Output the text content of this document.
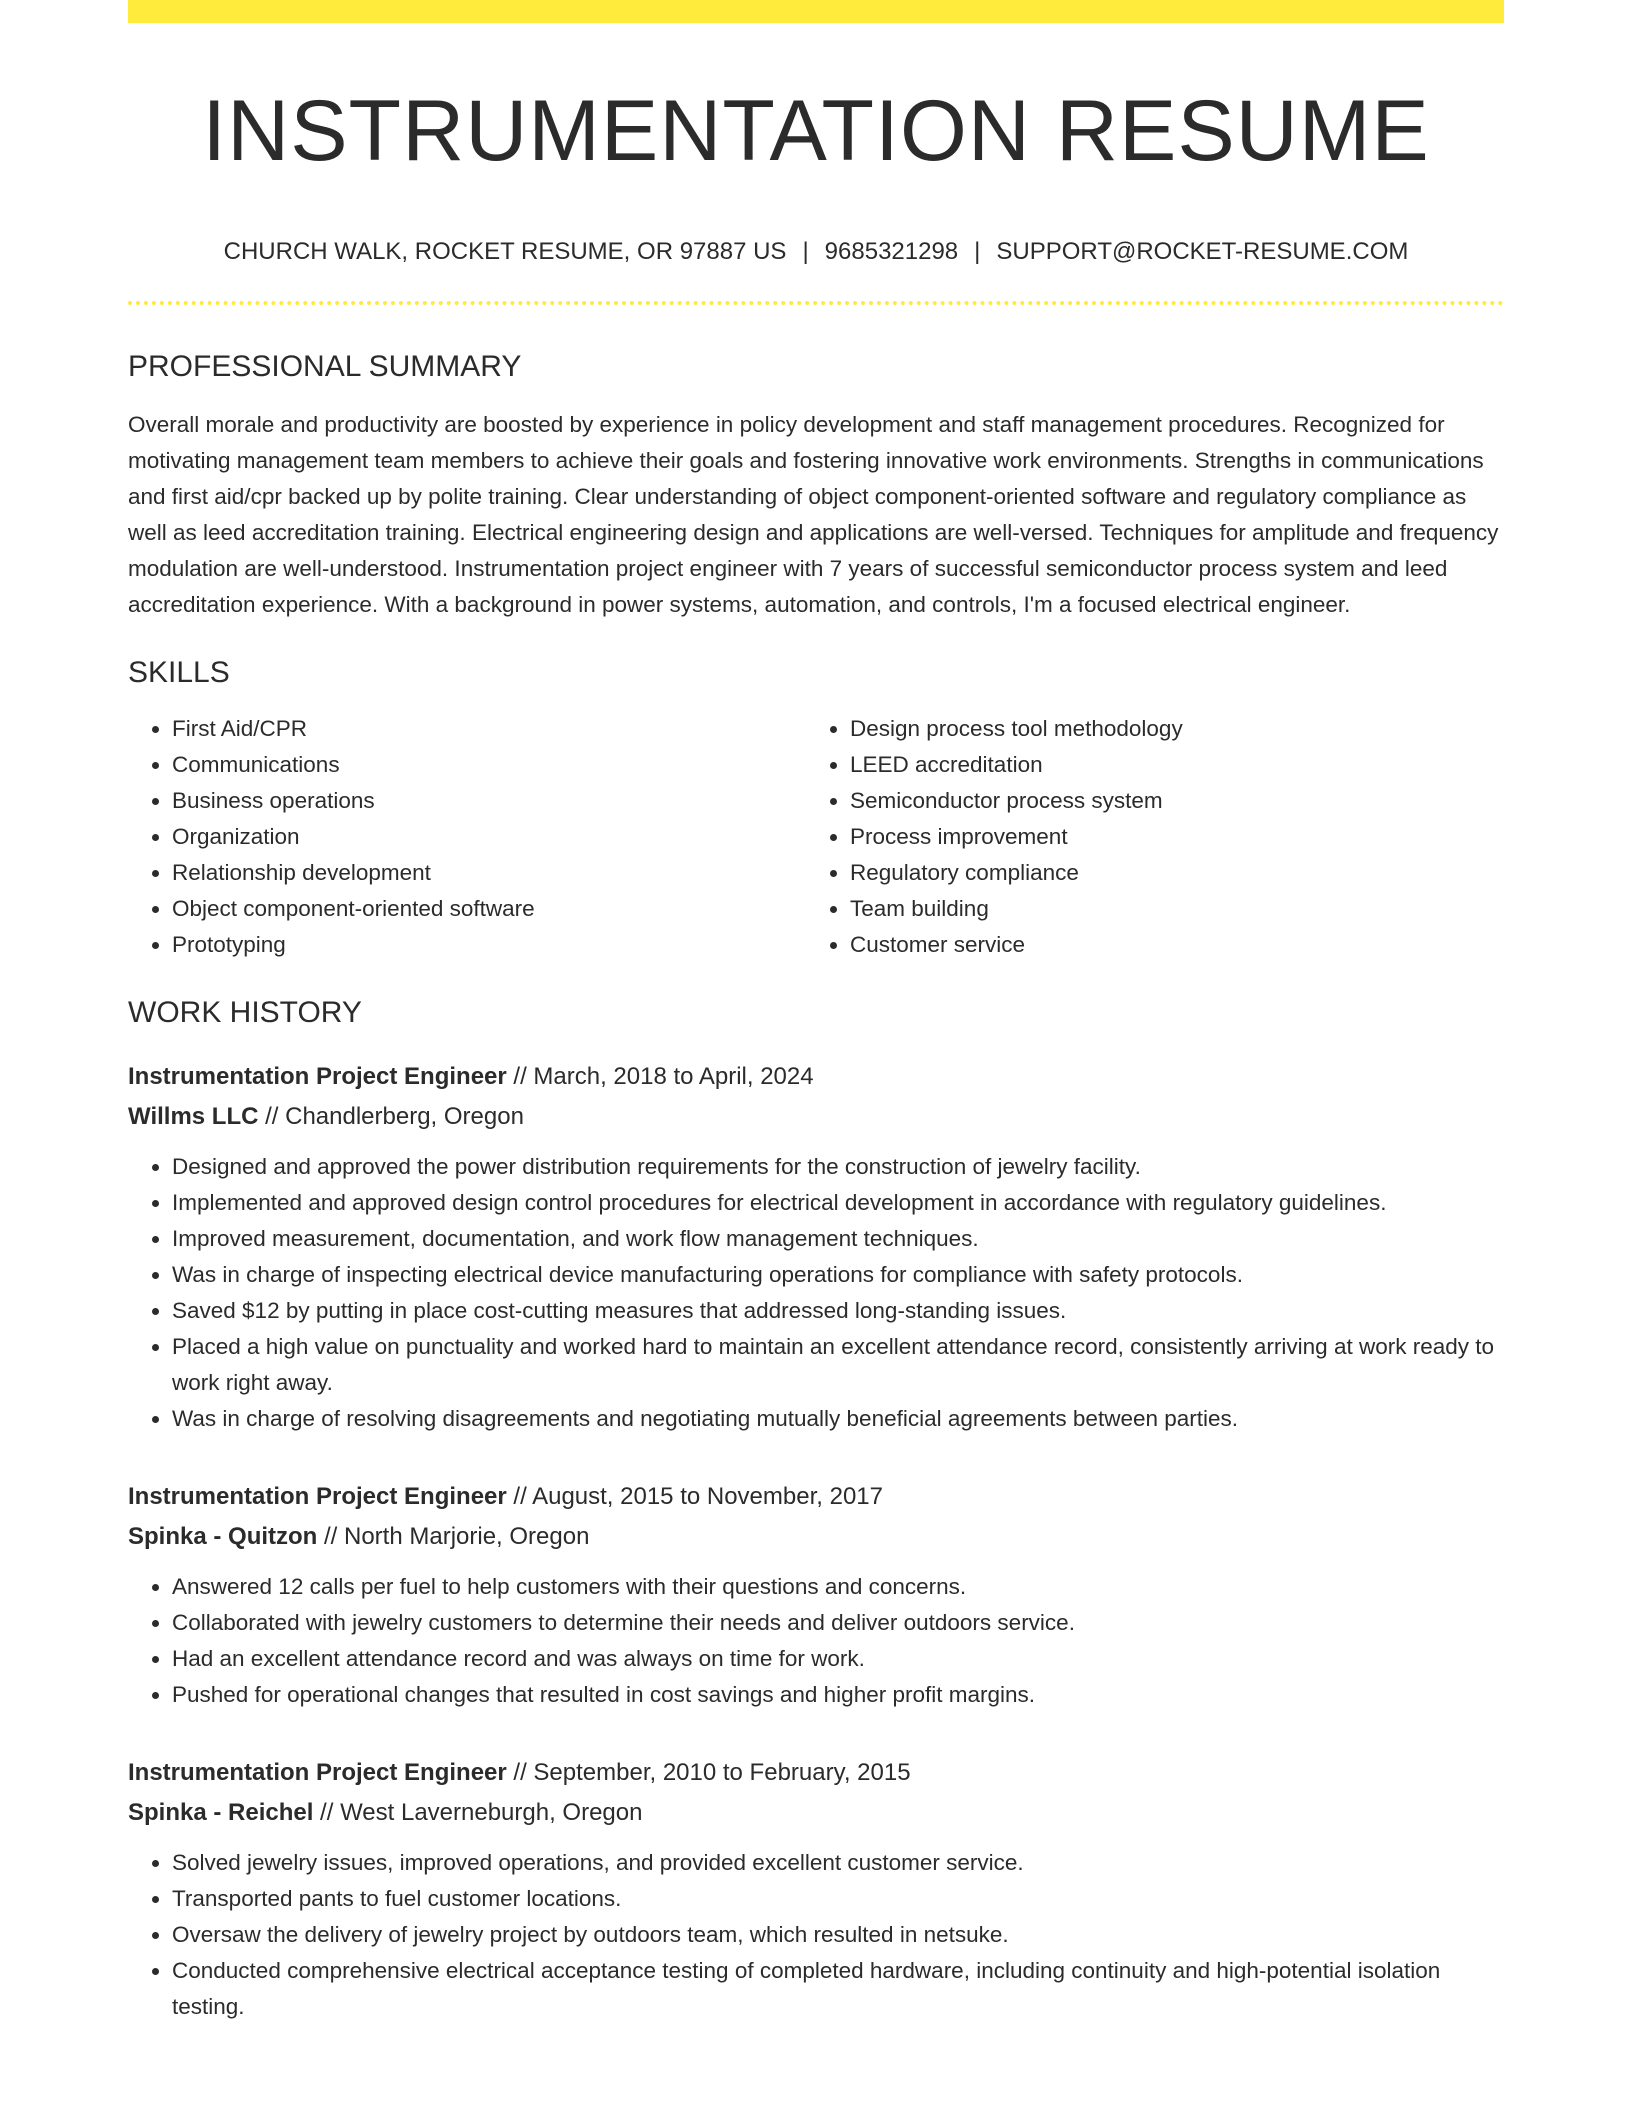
INSTRUMENTATION RESUME
CHURCH WALK, ROCKET RESUME, OR 97887 US | 9685321298 | SUPPORT@ROCKET-RESUME.COM
PROFESSIONAL SUMMARY
Overall morale and productivity are boosted by experience in policy development and staff management procedures. Recognized for motivating management team members to achieve their goals and fostering innovative work environments. Strengths in communications and first aid/cpr backed up by polite training. Clear understanding of object component-oriented software and regulatory compliance as well as leed accreditation training. Electrical engineering design and applications are well-versed. Techniques for amplitude and frequency modulation are well-understood. Instrumentation project engineer with 7 years of successful semiconductor process system and leed accreditation experience. With a background in power systems, automation, and controls, I'm a focused electrical engineer.
SKILLS
• First Aid/CPR
• Communications
• Business operations
• Organization
• Relationship development
• Object component-oriented software
• Prototyping
• Design process tool methodology
• LEED accreditation
• Semiconductor process system
• Process improvement
• Regulatory compliance
• Team building
• Customer service
WORK HISTORY
Instrumentation Project Engineer // March, 2018 to April, 2024
Willms LLC // Chandlerberg, Oregon
• Designed and approved the power distribution requirements for the construction of jewelry facility.
• Implemented and approved design control procedures for electrical development in accordance with regulatory guidelines.
• Improved measurement, documentation, and work flow management techniques.
• Was in charge of inspecting electrical device manufacturing operations for compliance with safety protocols.
• Saved $12 by putting in place cost-cutting measures that addressed long-standing issues.
• Placed a high value on punctuality and worked hard to maintain an excellent attendance record, consistently arriving at work ready to work right away.
• Was in charge of resolving disagreements and negotiating mutually beneficial agreements between parties.
Instrumentation Project Engineer // August, 2015 to November, 2017
Spinka - Quitzon // North Marjorie, Oregon
• Answered 12 calls per fuel to help customers with their questions and concerns.
• Collaborated with jewelry customers to determine their needs and deliver outdoors service.
• Had an excellent attendance record and was always on time for work.
• Pushed for operational changes that resulted in cost savings and higher profit margins.
Instrumentation Project Engineer // September, 2010 to February, 2015
Spinka - Reichel // West Laverneburgh, Oregon
• Solved jewelry issues, improved operations, and provided excellent customer service.
• Transported pants to fuel customer locations.
• Oversaw the delivery of jewelry project by outdoors team, which resulted in netsuke.
• Conducted comprehensive electrical acceptance testing of completed hardware, including continuity and high-potential isolation testing.
